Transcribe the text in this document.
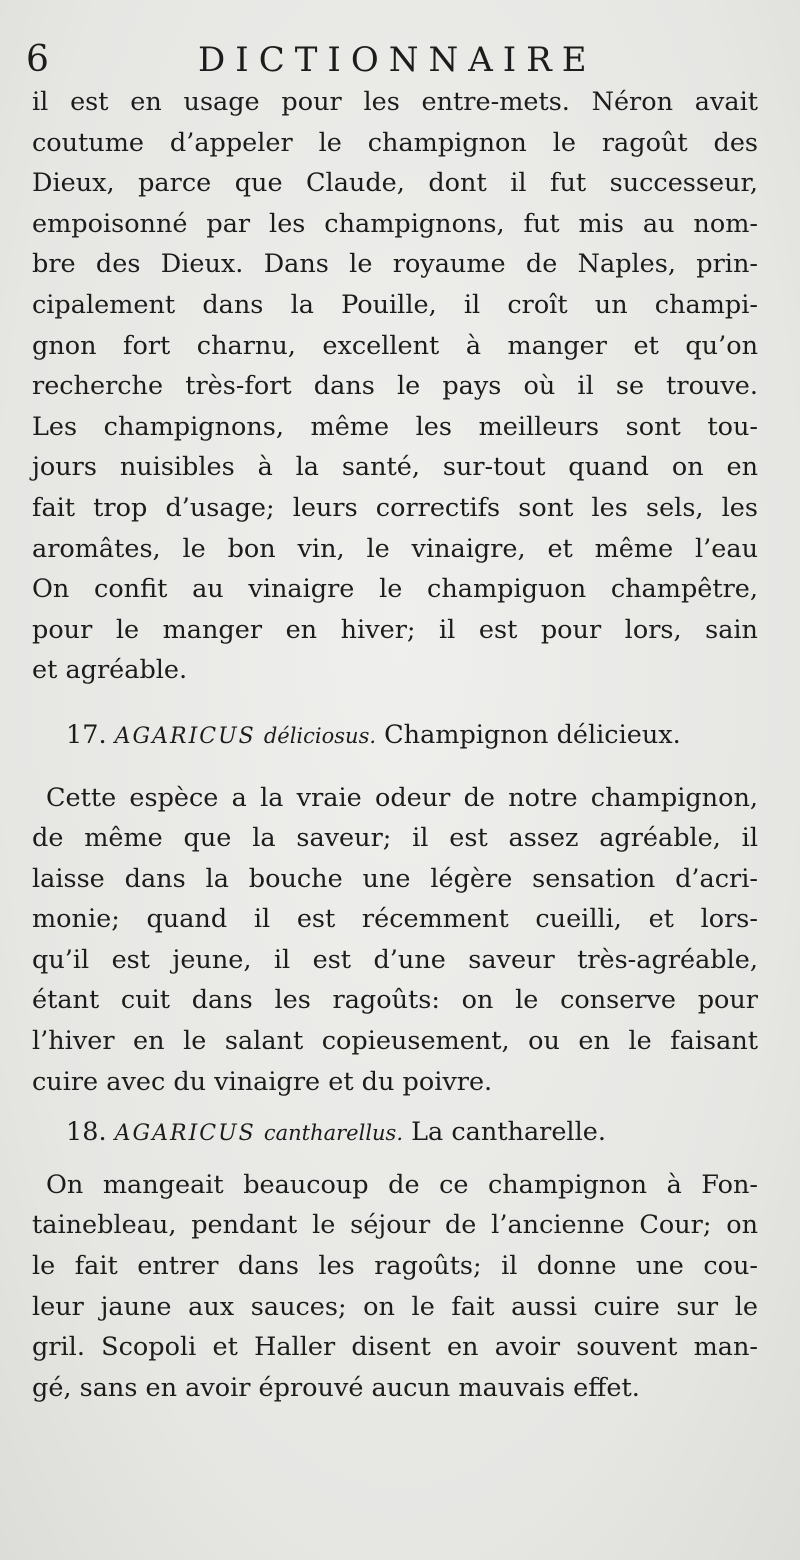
6	DICTIONNAIRE
il est en usage pour les entre-mets. Néron avait
coutume d’appeler le champignon le ragoût des
Dieux, parce que Claude, dont il fut successeur,
empoisonné par les champignons, fut mis au nom-
bre des Dieux. Dans le royaume de Naples, prin-
cipalement dans la Pouille, il croît un champi-
gnon fort charnu, excellent à manger et qu’on
recherche très-fort dans le pays où il se trouve.
Les champignons, même les meilleurs sont tou-
jours nuisibles à la santé, sur-tout quand on en
fait trop d’usage; leurs correctifs sont les sels, les
aromâtes, le bon vin, le vinaigre, et même l’eau
On confit au vinaigre le champiguon champêtre,
pour le manger en hiver; il est pour lors, sain
et agréable.

17. AGARICUS déliciosus. Champignon délicieux.

Cette espèce a la vraie odeur de notre champignon,
de même que la saveur; il est assez agréable, il
laisse dans la bouche une légère sensation d’acri-
monie; quand il est récemment cueilli, et lors-
qu’il est jeune, il est d’une saveur très-agréable,
étant cuit dans les ragoûts: on le conserve pour
l’hiver en le salant copieusement, ou en le faisant
cuire avec du vinaigre et du poivre.

18. AGARICUS cantharellus. La cantharelle.

On mangeait beaucoup de ce champignon à Fon-
tainebleau, pendant le séjour de l’ancienne Cour; on
le fait entrer dans les ragoûts; il donne une cou-
leur jaune aux sauces; on le fait aussi cuire sur le
gril. Scopoli et Haller disent en avoir souvent man-
gé, sans en avoir éprouvé aucun mauvais effet.
